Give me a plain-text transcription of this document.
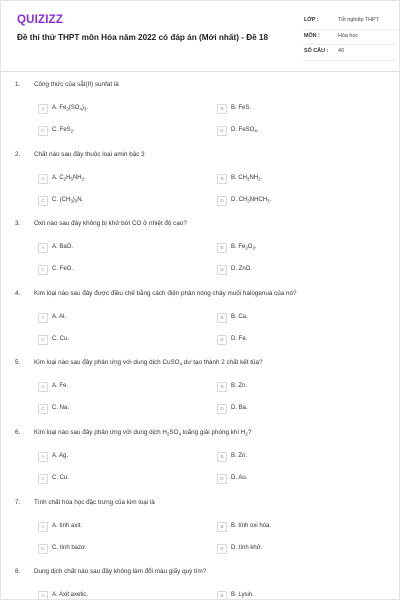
QUIZIZZ
Đề thi thử THPT môn Hóa năm 2022 có đáp án (Mới nhất) - Đề 18
LỚP :	Tốt nghiệp THPT
MÔN :	Hóa học
SỐ CÂU : 40
1. Công thức của sắt(II) sunfat là
A	A. $Fe_2(SO_4)_3$.	B	B. FeS.
C	C. FeS$_2$.	D	D. FeSO$_4$.
2. Chất nào sau đây thuộc loại amin bậc 3
A	A. $C_2H_5NH_2$.	B	B. $CH_3NH_2$.
C	C. $(CH_3)_3N$.	D	D. $CH_3NHCH_3$.
3. Oxit nào sau đây không bị khử bởi CO ở nhiệt độ cao?
A	A. BaO.	B	B. $Fe_2O_3$.
C	C. FeO.	D	D. ZnO.
4. Kim loại nào sau đây được điều chế bằng cách điện phân nóng chảy muối halogenua của nó?
A	A. Al.	B	B. Ca.
C	C. Cu.	D	D. Fe.
5. Kim loại nào sau đây phản ứng với dung dịch CuSO$_4$ dư tạo thành 2 chất kết tủa?
A	A. Fe.	B	B. Zn.
C	C. Na.	D	D. Ba.
6. Kim loại nào sau đây phản ứng với dung dịch $H_2SO_4$ loãng giải phóng khí $H_2$?
A	A. Ag.	B	B. Zn.
C	C. Cu.	D	D. Au.
7. Tính chất hóa học đặc trưng của kim loại là
A	A. tính axit.	B	B. tính oxi hóa.
C	C. tính bazơ.	D	D. tính khử.
8. Dung dịch chất nào sau đây không làm đổi màu giấy quỳ tím?
A	A. Axit axetic.	B	B. Lysin.
